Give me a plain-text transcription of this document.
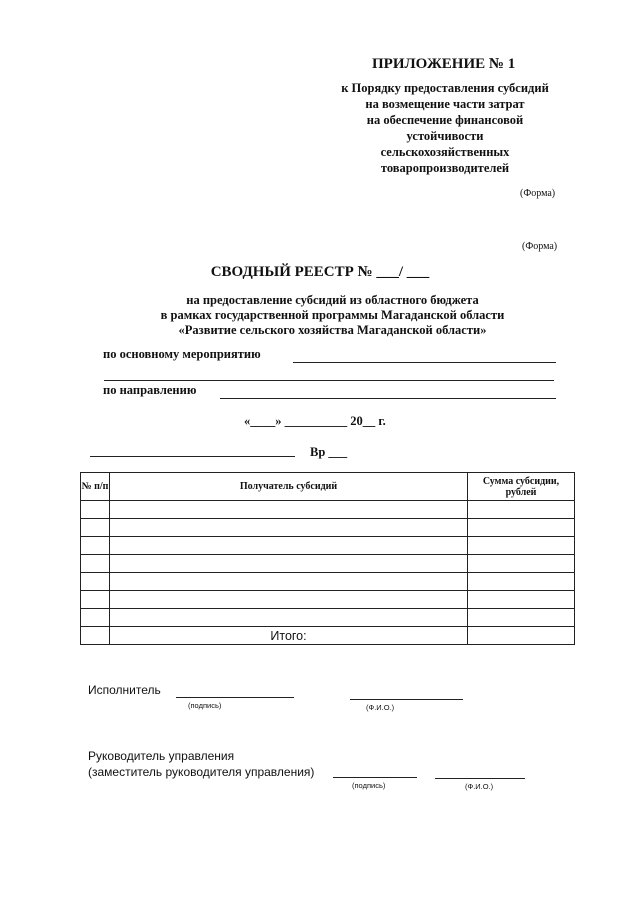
ПРИЛОЖЕНИЕ № 1
к Порядку предоставления субсидий
на возмещение части затрат
на обеспечение финансовой
устойчивости
сельскохозяйственных
товаропроизводителей
(Форма)
(Форма)
СВОДНЫЙ РЕЕСТР № ___/ ___
на предоставление субсидий из областного бюджета
в рамках государственной программы Магаданской области
«Развитие сельского хозяйства Магаданской области»
по основному мероприятию
по направлению
«____» __________ 20__ г.
Вр ___
№ п/п	Получатель субсидий	Сумма субсидии, рублей

	Итого:	
Исполнитель
(подпись)	(Ф.И.О.)
Руководитель управления
(заместитель руководителя управления)
(подпись)	(Ф.И.О.)
